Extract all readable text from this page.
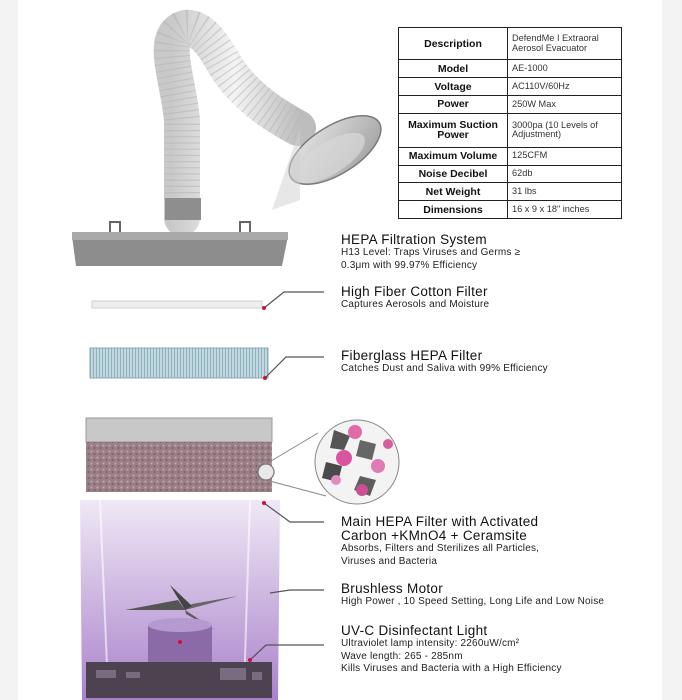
Description	DefendMe I Extraoral Aerosol Evacuator
Model	AE-1000
Voltage	AC110V/60Hz
Power	250W Max
Maximum Suction Power	3000pa (10 Levels of Adjustment)
Maximum Volume	125CFM
Noise Decibel	62db
Net Weight	31 lbs
Dimensions	16 x 9 x 18" inches
HEPA Filtration System
H13 Level: Traps Viruses and Germs ≥
0.3μm with 99.97% Efficiency
High Fiber Cotton Filter
Captures Aerosols and Moisture
Fiberglass HEPA Filter
Catches Dust and Saliva with 99% Efficiency
Main HEPA Filter with Activated
Carbon +KMnO4 + Ceramsite
Absorbs, Filters and Sterilizes all Particles,
Viruses and Bacteria
Brushless Motor
High Power , 10 Speed Setting, Long Life and Low Noise
UV-C Disinfectant Light
Ultraviolet lamp intensity: 2260uW/cm²
Wave length: 265 - 285nm
Kills Viruses and Bacteria with a High Efficiency
